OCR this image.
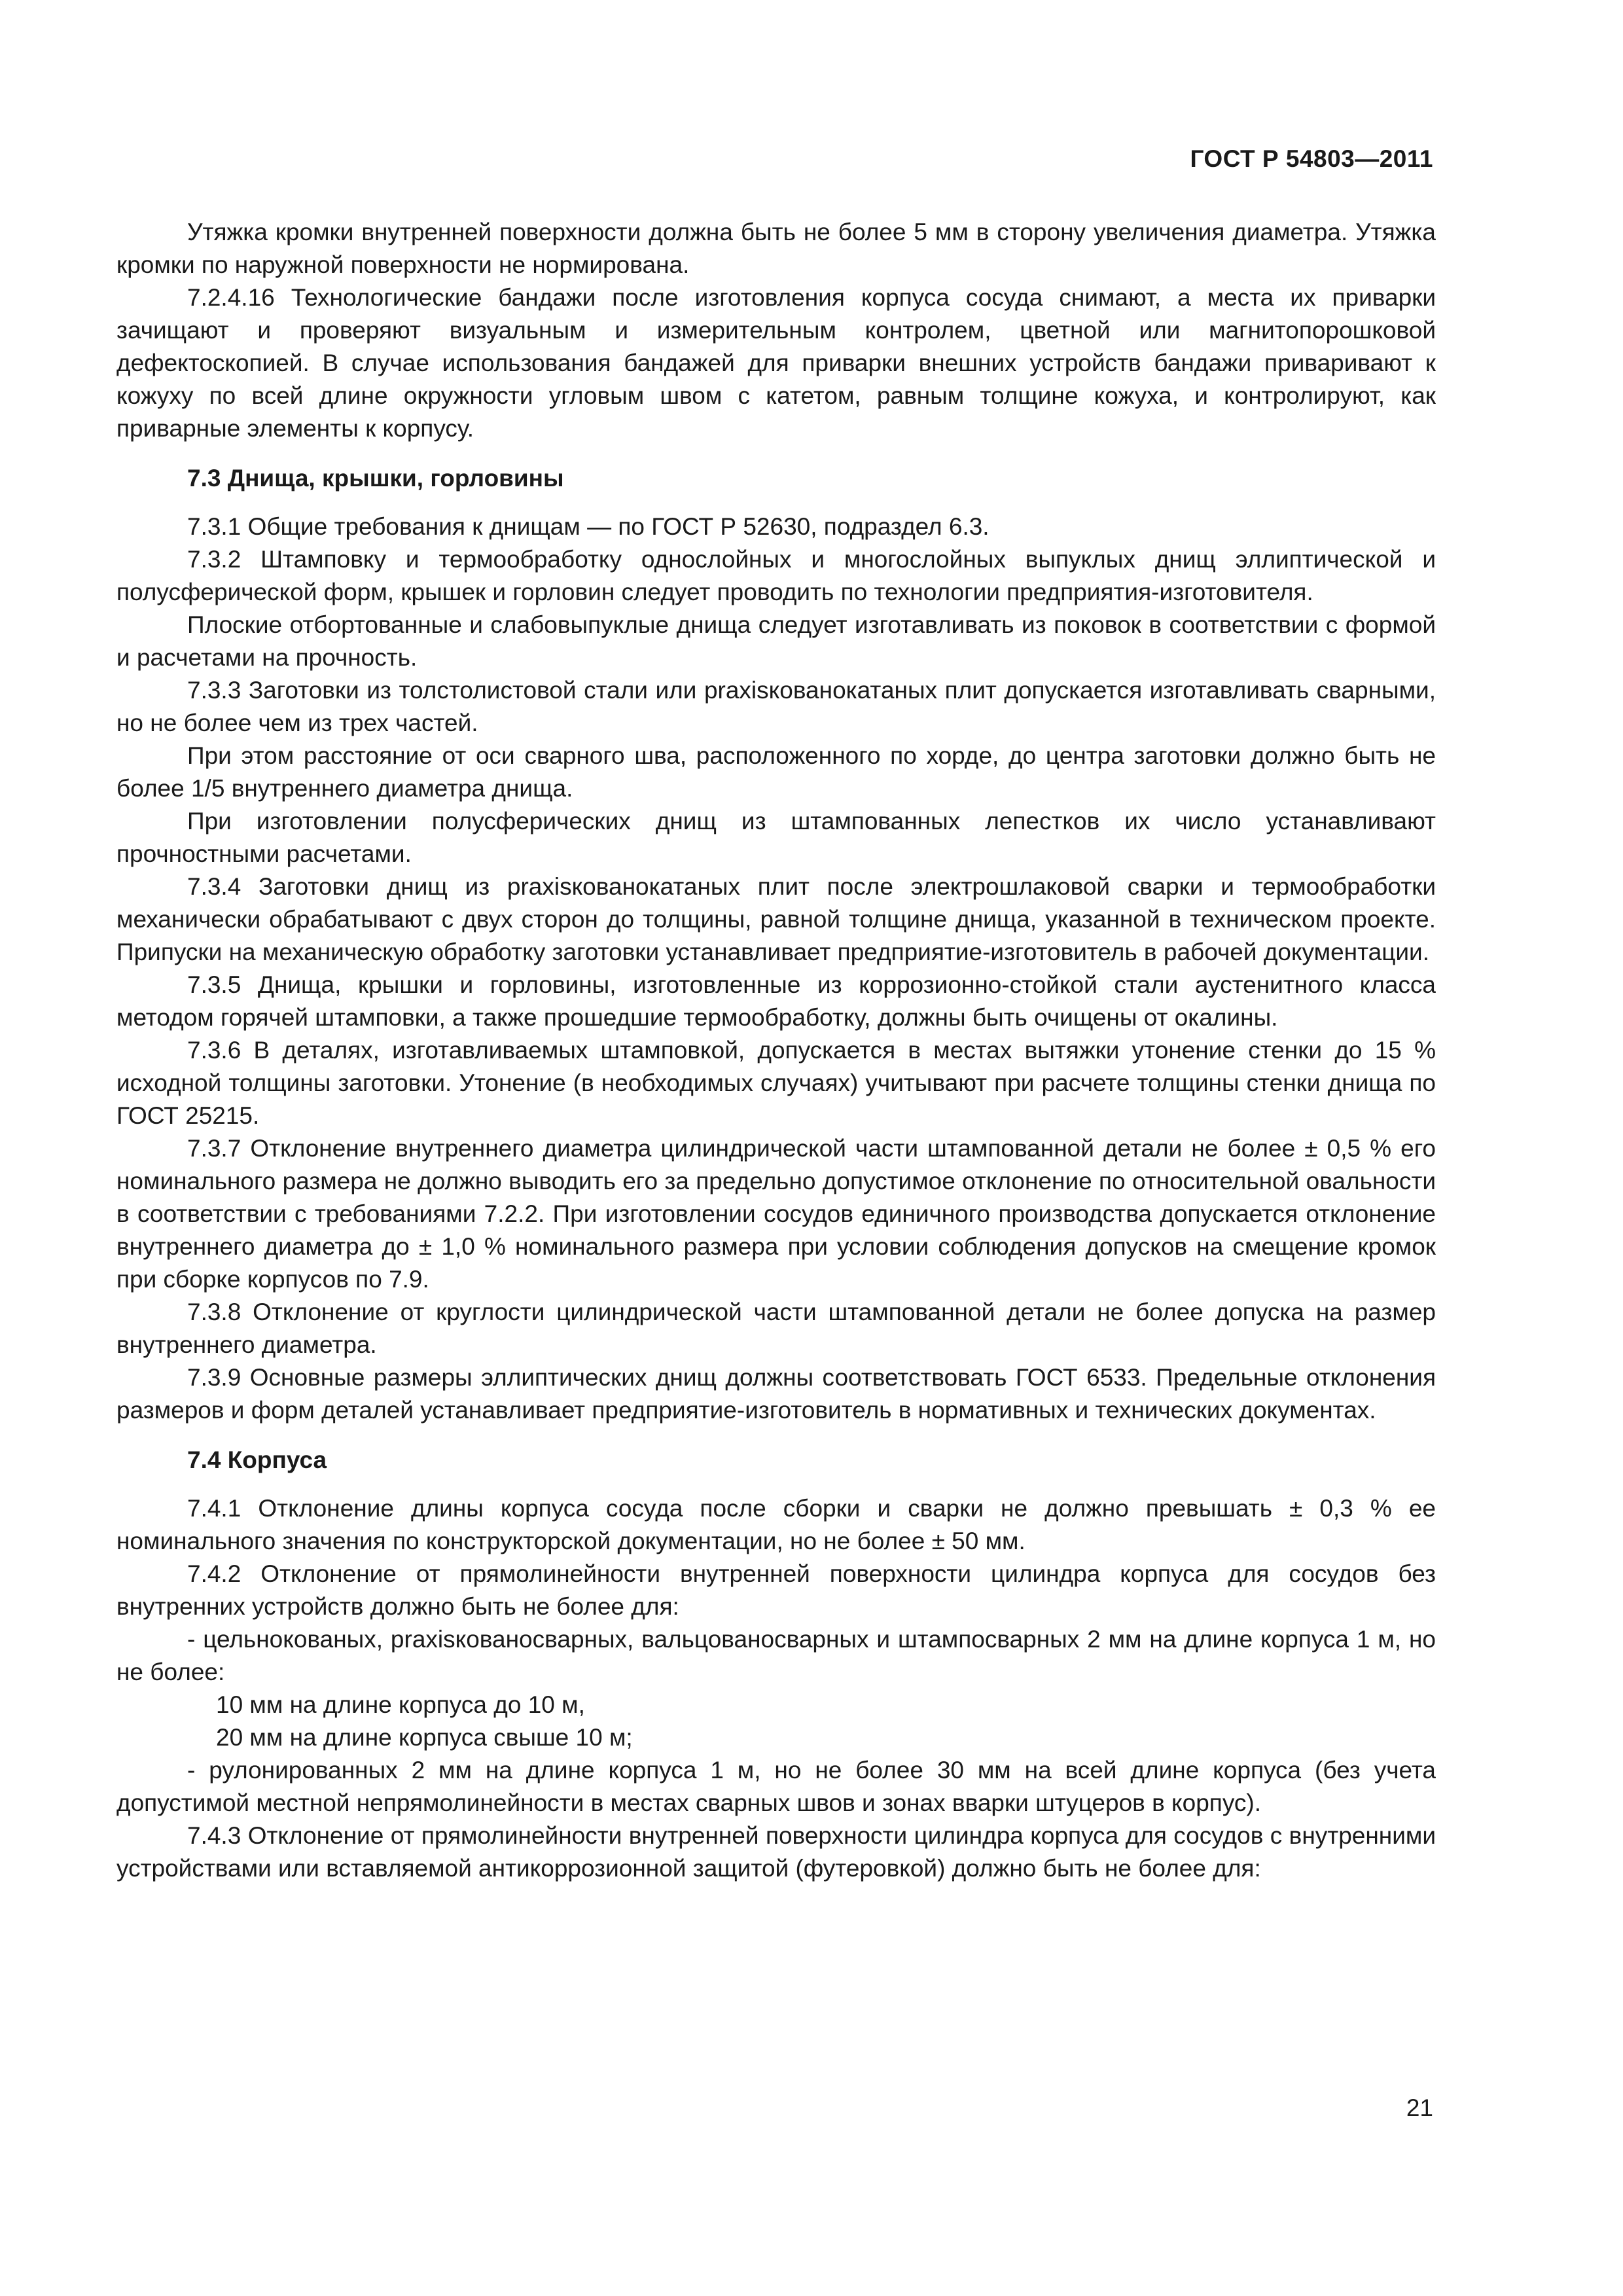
ГОСТ Р 54803—2011

Утяжка кромки внутренней поверхности должна быть не более 5 мм в сторону увеличения диаметра. Утяжка кромки по наружной поверхности не нормирована.

7.2.4.16 Технологические бандажи после изготовления корпуса сосуда снимают, а места их приварки зачищают и проверяют визуальным и измерительным контролем, цветной или магнитопорошковой дефектоскопией. В случае использования бандажей для приварки внешних устройств бандажи приваривают к кожуху по всей длине окружности угловым швом с катетом, равным толщине кожуха, и контролируют, как приварные элементы к корпусу.

7.3 Днища, крышки, горловины

7.3.1 Общие требования к днищам — по ГОСТ Р 52630, подраздел 6.3.

7.3.2 Штамповку и термообработку однослойных и многослойных выпуклых днищ эллиптической и полусферической форм, крышек и горловин следует проводить по технологии предприятия-изготовителя.

Плоские отбортованные и слабовыпуклые днища следует изготавливать из поковок в соответствии с формой и расчетами на прочность.

7.3.3 Заготовки из толстолистовой стали или praxisкованокатаных плит допускается изготавливать сварными, но не более чем из трех частей.

При этом расстояние от оси сварного шва, расположенного по хорде, до центра заготовки должно быть не более 1/5 внутреннего диаметра днища.

При изготовлении полусферических днищ из штампованных лепестков их число устанавливают прочностными расчетами.

7.3.4 Заготовки днищ из praxisкованокатаных плит после электрошлаковой сварки и термообработки механически обрабатывают с двух сторон до толщины, равной толщине днища, указанной в техническом проекте. Припуски на механическую обработку заготовки устанавливает предприятие-изготовитель в рабочей документации.

7.3.5 Днища, крышки и горловины, изготовленные из коррозионно-стойкой стали аустенитного класса методом горячей штамповки, а также прошедшие термообработку, должны быть очищены от окалины.

7.3.6 В деталях, изготавливаемых штамповкой, допускается в местах вытяжки утонение стенки до 15 % исходной толщины заготовки. Утонение (в необходимых случаях) учитывают при расчете толщины стенки днища по ГОСТ 25215.

7.3.7 Отклонение внутреннего диаметра цилиндрической части штампованной детали не более ± 0,5 % его номинального размера не должно выводить его за предельно допустимое отклонение по относительной овальности в соответствии с требованиями 7.2.2. При изготовлении сосудов единичного производства допускается отклонение внутреннего диаметра до ± 1,0 % номинального размера при условии соблюдения допусков на смещение кромок при сборке корпусов по 7.9.

7.3.8 Отклонение от круглости цилиндрической части штампованной детали не более допуска на размер внутреннего диаметра.

7.3.9 Основные размеры эллиптических днищ должны соответствовать ГОСТ 6533. Предельные отклонения размеров и форм деталей устанавливает предприятие-изготовитель в нормативных и технических документах.

7.4 Корпуса

7.4.1 Отклонение длины корпуса сосуда после сборки и сварки не должно превышать ± 0,3 % ее номинального значения по конструкторской документации, но не более ± 50 мм.

7.4.2 Отклонение от прямолинейности внутренней поверхности цилиндра корпуса для сосудов без внутренних устройств должно быть не более для:

- цельнокованых, praxisкованосварных, вальцованосварных и штампосварных 2 мм на длине корпуса 1 м, но не более:

10 мм на длине корпуса до 10 м,

20 мм на длине корпуса свыше 10 м;

- рулонированных 2 мм на длине корпуса 1 м, но не более 30 мм на всей длине корпуса (без учета допустимой местной непрямолинейности в местах сварных швов и зонах вварки штуцеров в корпус).

7.4.3 Отклонение от прямолинейности внутренней поверхности цилиндра корпуса для сосудов с внутренними устройствами или вставляемой антикоррозионной защитой (футеровкой) должно быть не более для:

21
